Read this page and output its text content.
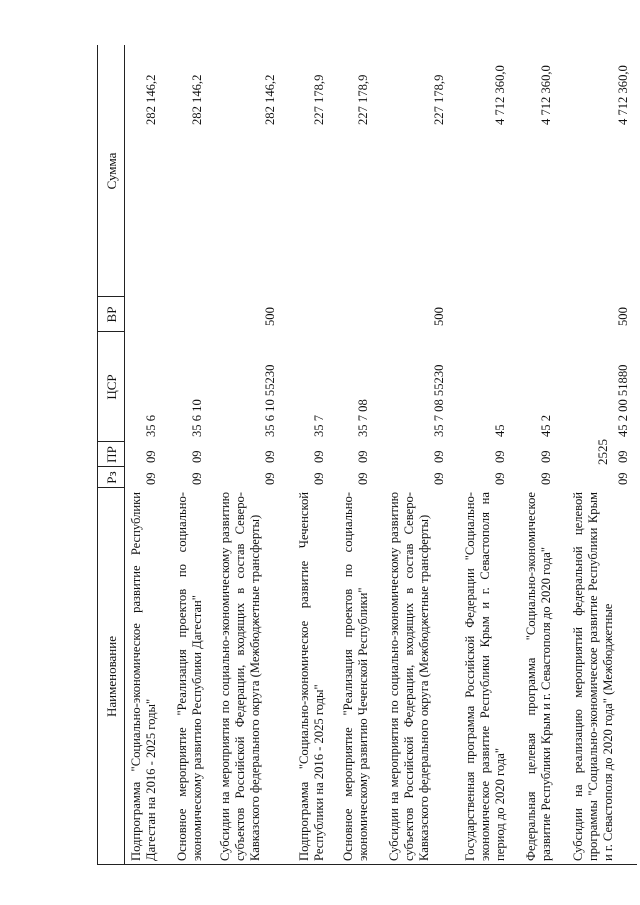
2525
Наименование
Рз
ПР
ЦСР
ВР
Сумма
Подпрограмма "Социально-экономическое развитие Республики Дагестан на 2016 - 2025 годы"
09
09
35 6
282 146,2
Основное мероприятие "Реализация проектов по социально-экономическому развитию Республики Дагестан"
09
09
35 6 10
282 146,2
Субсидии на мероприятия по социально-экономическому развитию субъектов Российской Федерации, входящих в состав Северо-Кавказского федерального округа (Межбюджетные трансферты)
09
09
35 6 10 55230
500
282 146,2
Подпрограмма "Социально-экономическое развитие Чеченской Республики на 2016 - 2025 годы"
09
09
35 7
227 178,9
Основное мероприятие "Реализация проектов по социально-экономическому развитию Чеченской Республики"
09
09
35 7 08
227 178,9
Субсидии на мероприятия по социально-экономическому развитию субъектов Российской Федерации, входящих в состав Северо-Кавказского федерального округа (Межбюджетные трансферты)
09
09
35 7 08 55230
500
227 178,9
Государственная программа Российской Федерации "Социально-экономическое развитие Республики Крым и г. Севастополя на период до 2020 года"
09
09
45
4 712 360,0
Федеральная целевая программа "Социально-экономическое развитие Республики Крым и г. Севастополя до 2020 года"
09
09
45 2
4 712 360,0
Субсидии на реализацию мероприятий федеральной целевой программы "Социально-экономическое развитие Республики Крым и г. Севастополя до 2020 года" (Межбюджетные
09
09
45 2 00 51880
500
4 712 360,0
